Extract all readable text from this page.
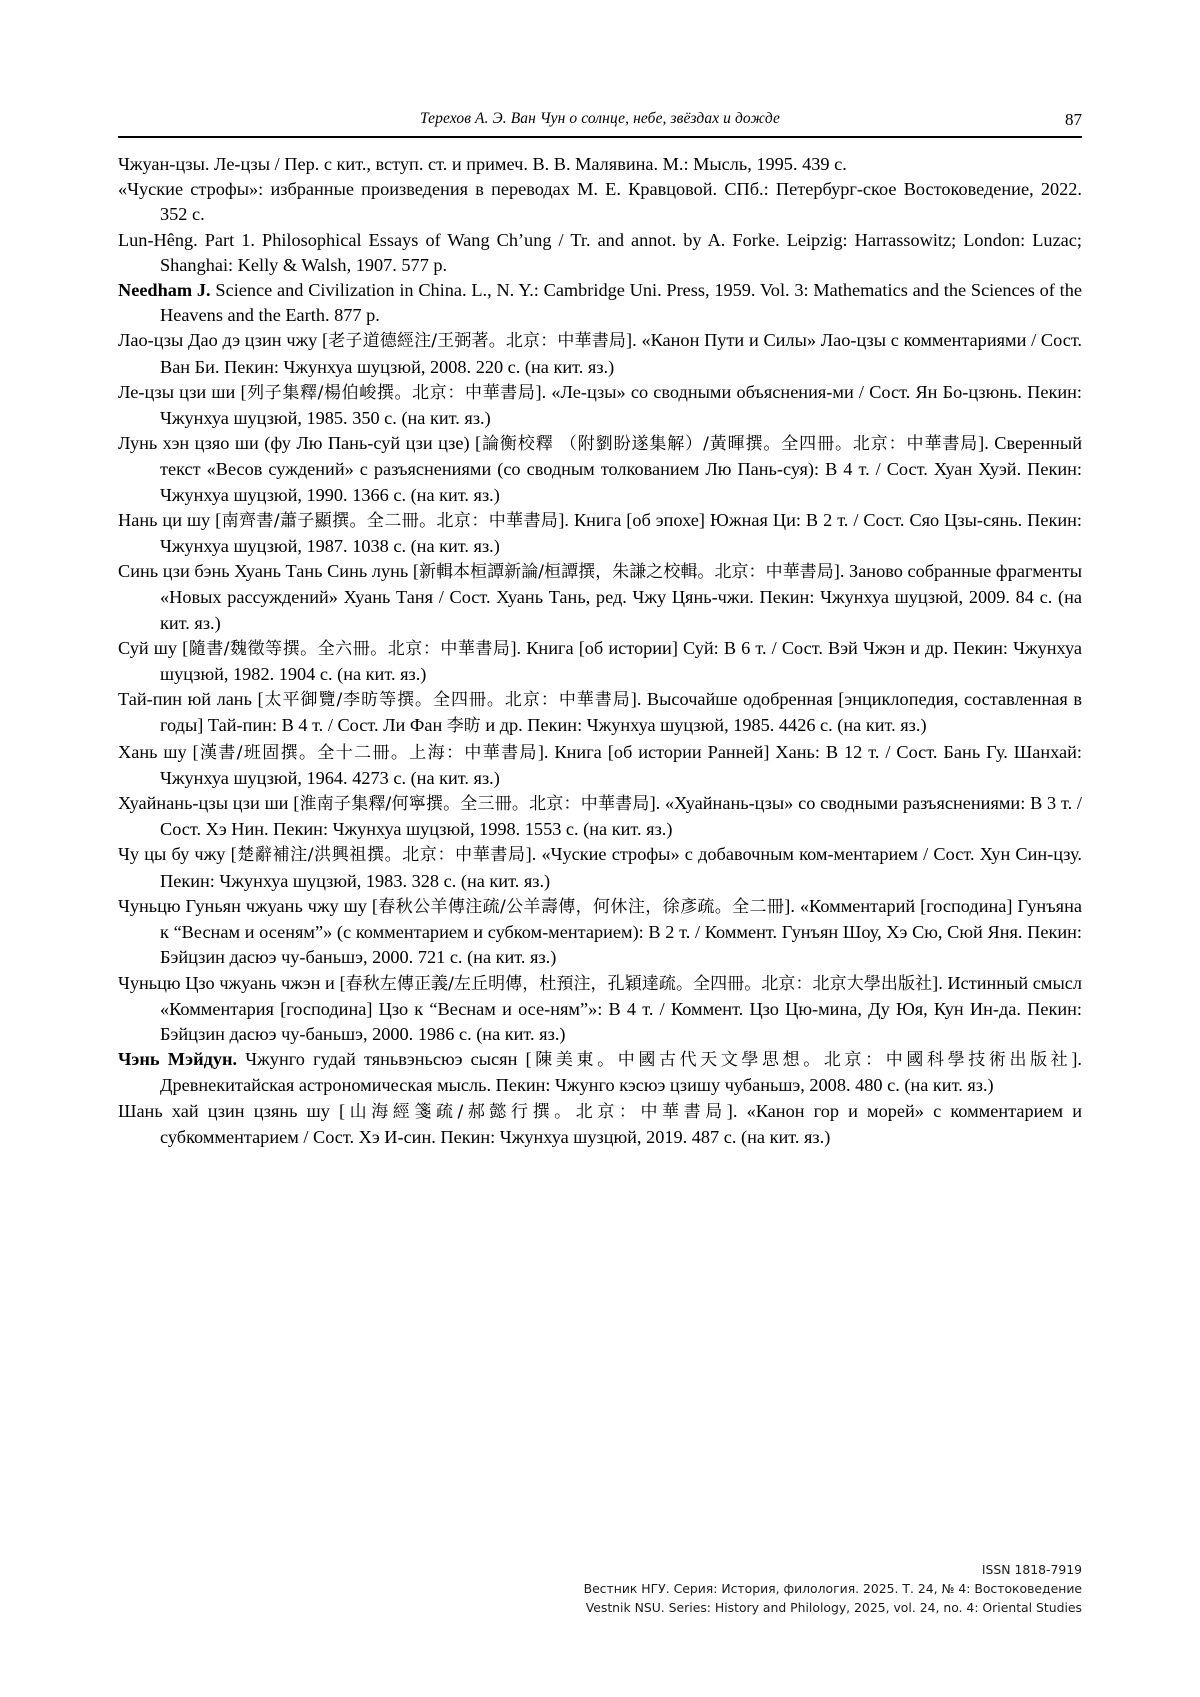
Терехов А. Э. Ван Чун о солнце, небе, звёздах и дожде	87

Чжуан-цзы. Ле-цзы / Пер. с кит., вступ. ст. и примеч. В. В. Малявина. М.: Мысль, 1995. 439 с.

«Чуские строфы»: избранные произведения в переводах М. Е. Кравцовой. СПб.: Петербург-ское Востоковедение, 2022. 352 с.

Lun-Hêng. Part 1. Philosophical Essays of Wang Ch’ung / Tr. and annot. by A. Forke. Leipzig: Harrassowitz; London: Luzac; Shanghai: Kelly & Walsh, 1907. 577 p.

Needham J. Science and Civilization in China. L., N. Y.: Cambridge Uni. Press, 1959. Vol. 3: Mathematics and the Sciences of the Heavens and the Earth. 877 p.

Лао-цзы Дао дэ цзин чжу [老子道德經注/王弼著。北京：中華書局]. «Канон Пути и Силы» Лао-цзы с комментариями / Сост. Ван Би. Пекин: Чжунхуа шуцзюй, 2008. 220 с. (на кит. яз.)

Ле-цзы цзи ши [列子集釋/楊伯峻撰。北京：中華書局]. «Ле-цзы» со сводными объяснения-ми / Сост. Ян Бо-цзюнь. Пекин: Чжунхуа шуцзюй, 1985. 350 с. (на кит. яз.)

Лунь хэн цзяо ши (фу Лю Пань-суй цзи цзе) [論衡校釋 （附劉盼遂集解）/黃暉撰。全四冊。北京：中華書局]. Сверенный текст «Весов суждений» с разъяснениями (со сводным толкованием Лю Пань-суя): В 4 т. / Сост. Хуан Хуэй. Пекин: Чжунхуа шуцзюй, 1990. 1366 с. (на кит. яз.)

Нань ци шу [南齊書/蕭子顯撰。全二冊。北京：中華書局]. Книга [об эпохе] Южная Ци: В 2 т. / Сост. Сяо Цзы-сянь. Пекин: Чжунхуа шуцзюй, 1987. 1038 с. (на кит. яз.)

Синь цзи бэнь Хуань Тань Синь лунь [新輯本桓譚新論/桓譚撰，朱謙之校輯。北京：中華書局]. Заново собранные фрагменты «Новых рассуждений» Хуань Таня / Сост. Хуань Тань, ред. Чжу Цянь-чжи. Пекин: Чжунхуа шуцзюй, 2009. 84 с. (на кит. яз.)

Суй шу [隨書/魏徵等撰。全六冊。北京：中華書局]. Книга [об истории] Суй: В 6 т. / Сост. Вэй Чжэн и др. Пекин: Чжунхуа шуцзюй, 1982. 1904 с. (на кит. яз.)

Тай-пин юй лань [太平御覽/李昉等撰。全四冊。北京：中華書局]. Высочайше одобренная [энциклопедия, составленная в годы] Тай-пин: В 4 т. / Сост. Ли Фан 李昉 и др. Пекин: Чжунхуа шуцзюй, 1985. 4426 с. (на кит. яз.)

Хань шу [漢書/班固撰。全十二冊。上海：中華書局]. Книга [об истории Ранней] Хань: В 12 т. / Сост. Бань Гу. Шанхай: Чжунхуа шуцзюй, 1964. 4273 с. (на кит. яз.)

Хуайнань-цзы цзи ши [淮南子集釋/何寧撰。全三冊。北京：中華書局]. «Хуайнань-цзы» со сводными разъяснениями: В 3 т. / Сост. Хэ Нин. Пекин: Чжунхуа шуцзюй, 1998. 1553 с. (на кит. яз.)

Чу цы бу чжу [楚辭補注/洪興祖撰。北京：中華書局]. «Чуские строфы» с добавочным ком-ментарием / Сост. Хун Син-цзу. Пекин: Чжунхуа шуцзюй, 1983. 328 с. (на кит. яз.)

Чуньцю Гуньян чжуань чжу шу [春秋公羊傳注疏/公羊壽傳，何休注，徐彥疏。全二冊]. «Комментарий [господина] Гунъяна к “Веснам и осеням”» (с комментарием и субком-ментарием): В 2 т. / Коммент. Гунъян Шоу, Хэ Сю, Сюй Яня. Пекин: Бэйцзин дасюэ чу-баньшэ, 2000. 721 с. (на кит. яз.)

Чуньцю Цзо чжуань чжэн и [春秋左傳正義/左丘明傳，杜預注，孔穎達疏。全四冊。北京：北京大學出版社]. Истинный смысл «Комментария [господина] Цзо к “Веснам и осе-ням”»: В 4 т. / Коммент. Цзо Цю-мина, Ду Юя, Кун Ин-да. Пекин: Бэйцзин дасюэ чу-баньшэ, 2000. 1986 с. (на кит. яз.)

Чэнь Мэйдун. Чжунго гудай тяньвэньсюэ сысян [陳美東。中國古代天文學思想。北京：中國科學技術出版社]. Древнекитайская астрономическая мысль. Пекин: Чжунго кэсюэ цзишу чубаньшэ, 2008. 480 с. (на кит. яз.)

Шань хай цзин цзянь шу [山海經箋疏/郝懿行撰。北京：中華書局]. «Канон гор и морей» с комментарием и субкомментарием / Сост. Хэ И-син. Пекин: Чжунхуа шузцюй, 2019. 487 с. (на кит. яз.)

ISSN 1818-7919
Вестник НГУ. Серия: История, филология. 2025. Т. 24, № 4: Востоковедение
Vestnik NSU. Series: History and Philology, 2025, vol. 24, no. 4: Oriental Studies
